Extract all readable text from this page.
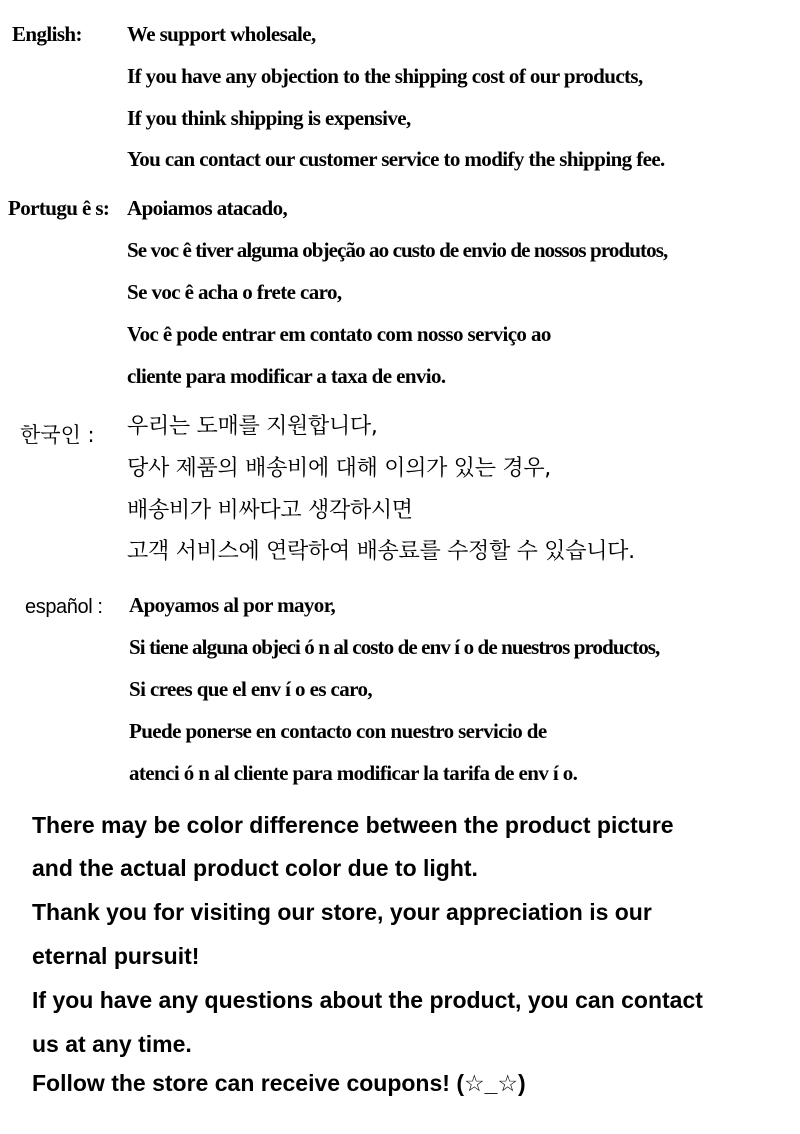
English: We support wholesale,
If you have any objection to the shipping cost of our products,
If you think shipping is expensive,
You can contact our customer service to modify the shipping fee.
Portugu ê s: Apoiamos atacado,
Se voc ê tiver alguma objeção ao custo de envio de nossos produtos,
Se voc ê acha o frete caro,
Voc ê pode entrar em contato com nosso serviço ao
cliente para modificar a taxa de envio.
한국인 : 우리는 도매를 지원합니다,
당사 제품의 배송비에 대해 이의가 있는 경우,
배송비가 비싸다고 생각하시면
고객 서비스에 연락하여 배송료를 수정할 수 있습니다.
español : Apoyamos al por mayor,
Si tiene alguna objeci ó n al costo de env í o de nuestros productos,
Si crees que el env í o es caro,
Puede ponerse en contacto con nuestro servicio de
atenci ó n al cliente para modificar la tarifa de env í o.
There may be color difference between the product picture
and the actual product color due to light.
Thank you for visiting our store, your appreciation is our
eternal pursuit!
If you have any questions about the product, you can contact
us at any time.
Follow the store can receive coupons! (☆_☆)
